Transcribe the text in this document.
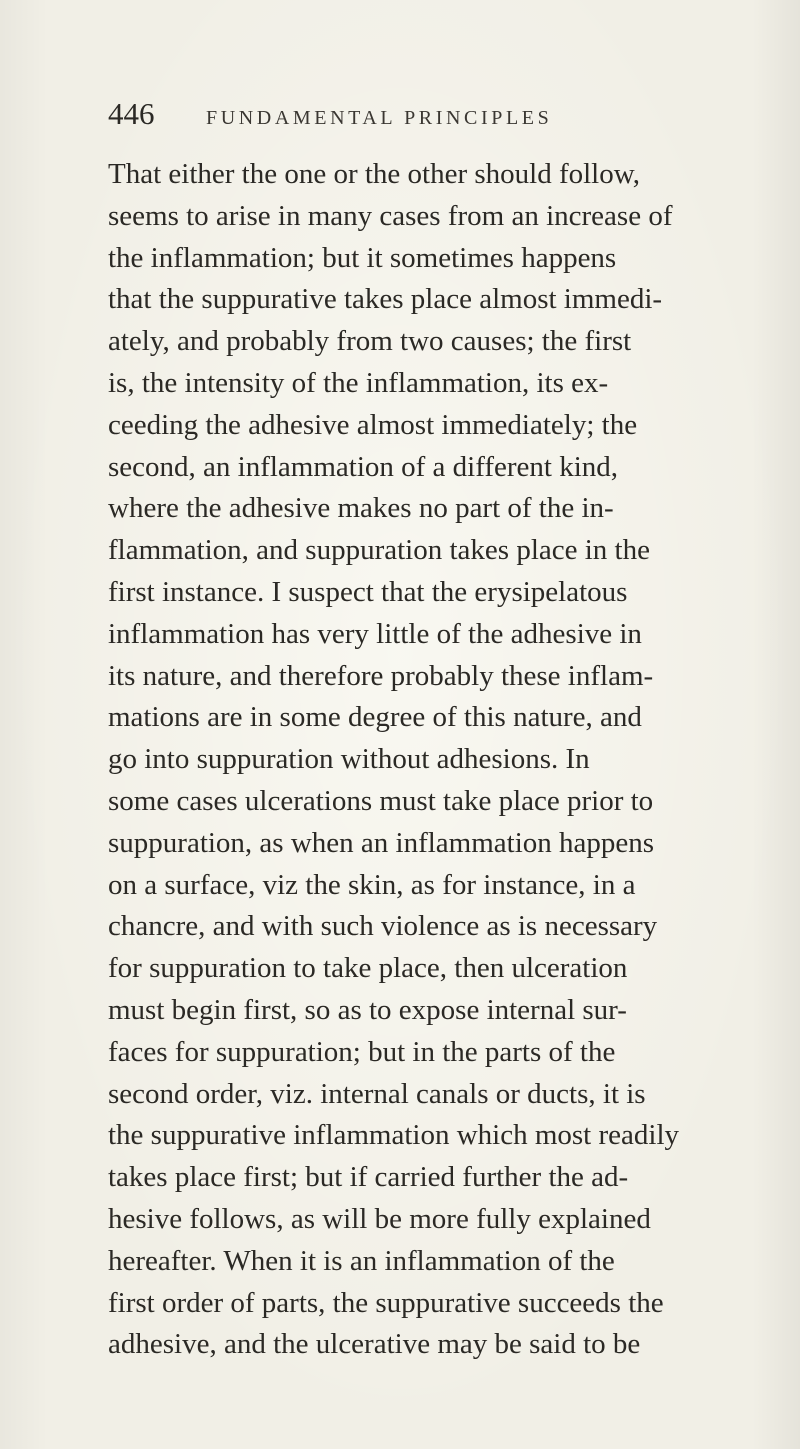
446	FUNDAMENTAL PRINCIPLES
That either the one or the other should follow,
seems to arise in many cases from an increase of
the inflammation; but it sometimes happens
that the suppurative takes place almost immedi-
ately, and probably from two causes; the first
is, the intensity of the inflammation, its ex-
ceeding the adhesive almost immediately; the
second, an inflammation of a different kind,
where the adhesive makes no part of the in-
flammation, and suppuration takes place in the
first instance. I suspect that the erysipelatous
inflammation has very little of the adhesive in
its nature, and therefore probably these inflam-
mations are in some degree of this nature, and
go into suppuration without adhesions. In
some cases ulcerations must take place prior to
suppuration, as when an inflammation happens
on a surface, viz the skin, as for instance, in a
chancre, and with such violence as is necessary
for suppuration to take place, then ulceration
must begin first, so as to expose internal sur-
faces for suppuration; but in the parts of the
second order, viz. internal canals or ducts, it is
the suppurative inflammation which most readily
takes place first; but if carried further the ad-
hesive follows, as will be more fully explained
hereafter. When it is an inflammation of the
first order of parts, the suppurative succeeds the
adhesive, and the ulcerative may be said to be
